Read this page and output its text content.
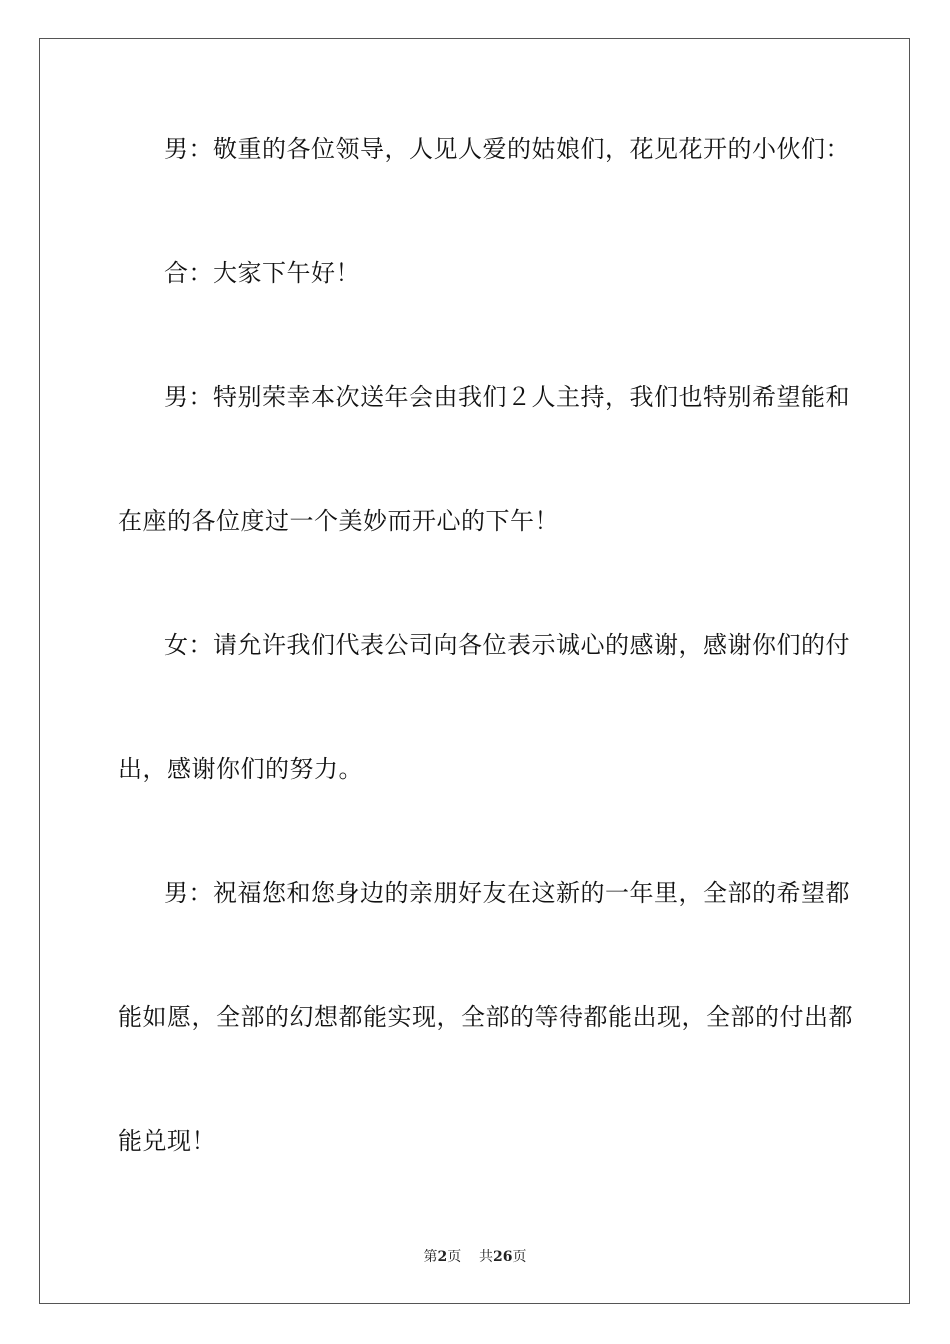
男：敬重的各位领导，人见人爱的姑娘们，花见花开的小伙们：
合：大家下午好！
男：特别荣幸本次送年会由我们２人主持，我们也特别希望能和
在座的各位度过一个美妙而开心的下午！
女：请允许我们代表公司向各位表示诚心的感谢，感谢你们的付
出，感谢你们的努力。
男：祝福您和您身边的亲朋好友在这新的一年里，全部的希望都
能如愿，全部的幻想都能实现，全部的等待都能出现，全部的付出都
能兑现！
第2页 共26页
